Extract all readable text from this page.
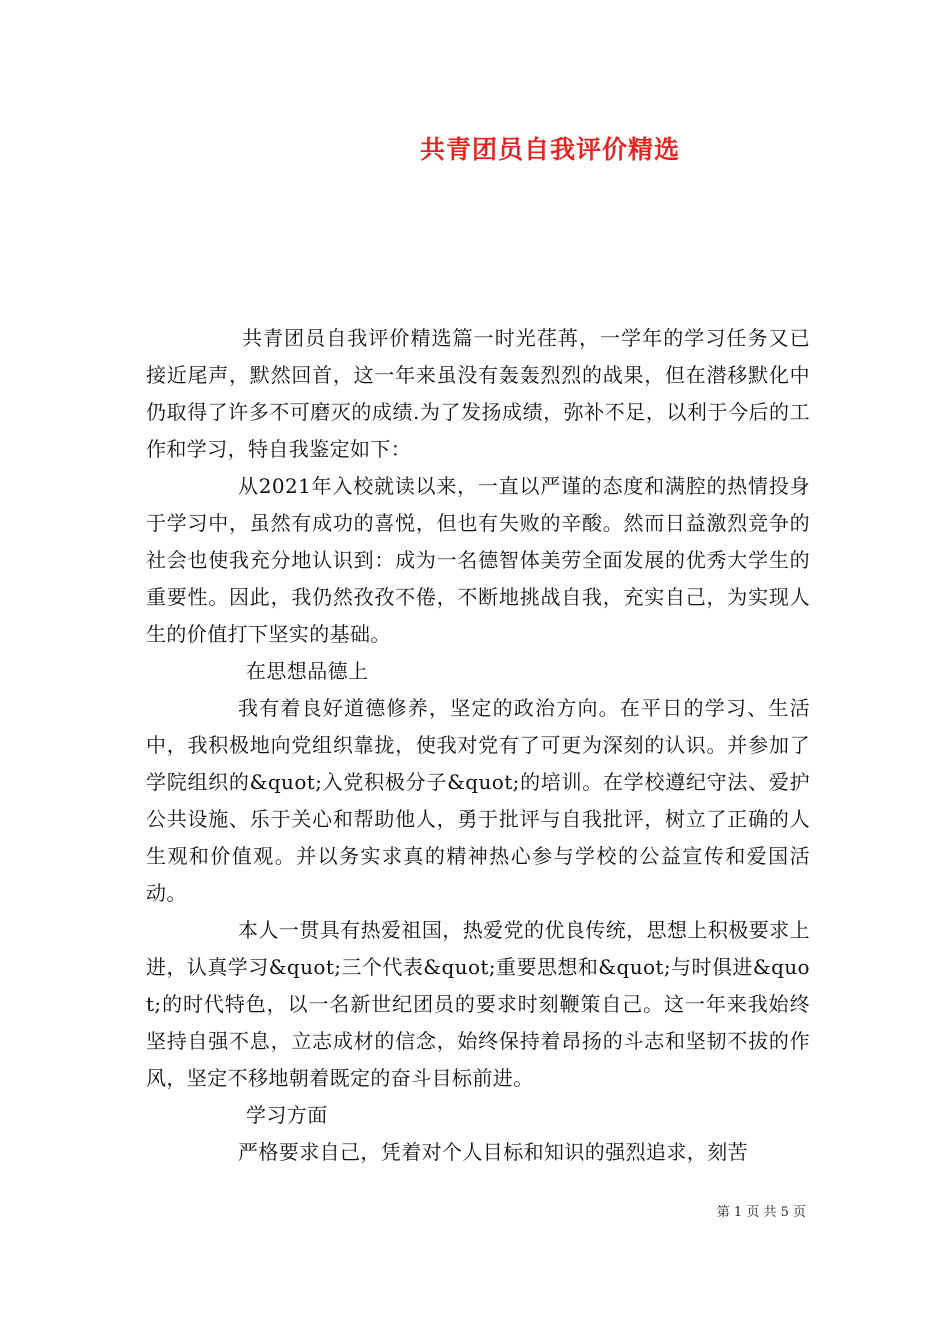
共青团员自我评价精选

共青团员自我评价精选篇一时光荏苒，一学年的学习任务又已接近尾声，默然回首，这一年来虽没有轰轰烈烈的战果，但在潜移默化中仍取得了许多不可磨灭的成绩.为了发扬成绩，弥补不足，以利于今后的工作和学习，特自我鉴定如下：

从2021年入校就读以来，一直以严谨的态度和满腔的热情投身于学习中，虽然有成功的喜悦，但也有失败的辛酸。然而日益激烈竞争的社会也使我充分地认识到：成为一名德智体美劳全面发展的优秀大学生的重要性。因此，我仍然孜孜不倦，不断地挑战自我，充实自己，为实现人生的价值打下坚实的基础。

在思想品德上

我有着良好道德修养，坚定的政治方向。在平日的学习、生活中，我积极地向党组织靠拢，使我对党有了可更为深刻的认识。并参加了学院组织的&quot;入党积极分子&quot;的培训。在学校遵纪守法、爱护公共设施、乐于关心和帮助他人，勇于批评与自我批评，树立了正确的人生观和价值观。并以务实求真的精神热心参与学校的公益宣传和爱国活动。

本人一贯具有热爱祖国，热爱党的优良传统，思想上积极要求上进，认真学习&quot;三个代表&quot;重要思想和&quot;与时俱进&quot;的时代特色，以一名新世纪团员的要求时刻鞭策自己。这一年来我始终坚持自强不息，立志成材的信念，始终保持着昂扬的斗志和坚韧不拔的作风，坚定不移地朝着既定的奋斗目标前进。

学习方面

严格要求自己，凭着对个人目标和知识的强烈追求，刻苦

第 1 页 共 5 页
